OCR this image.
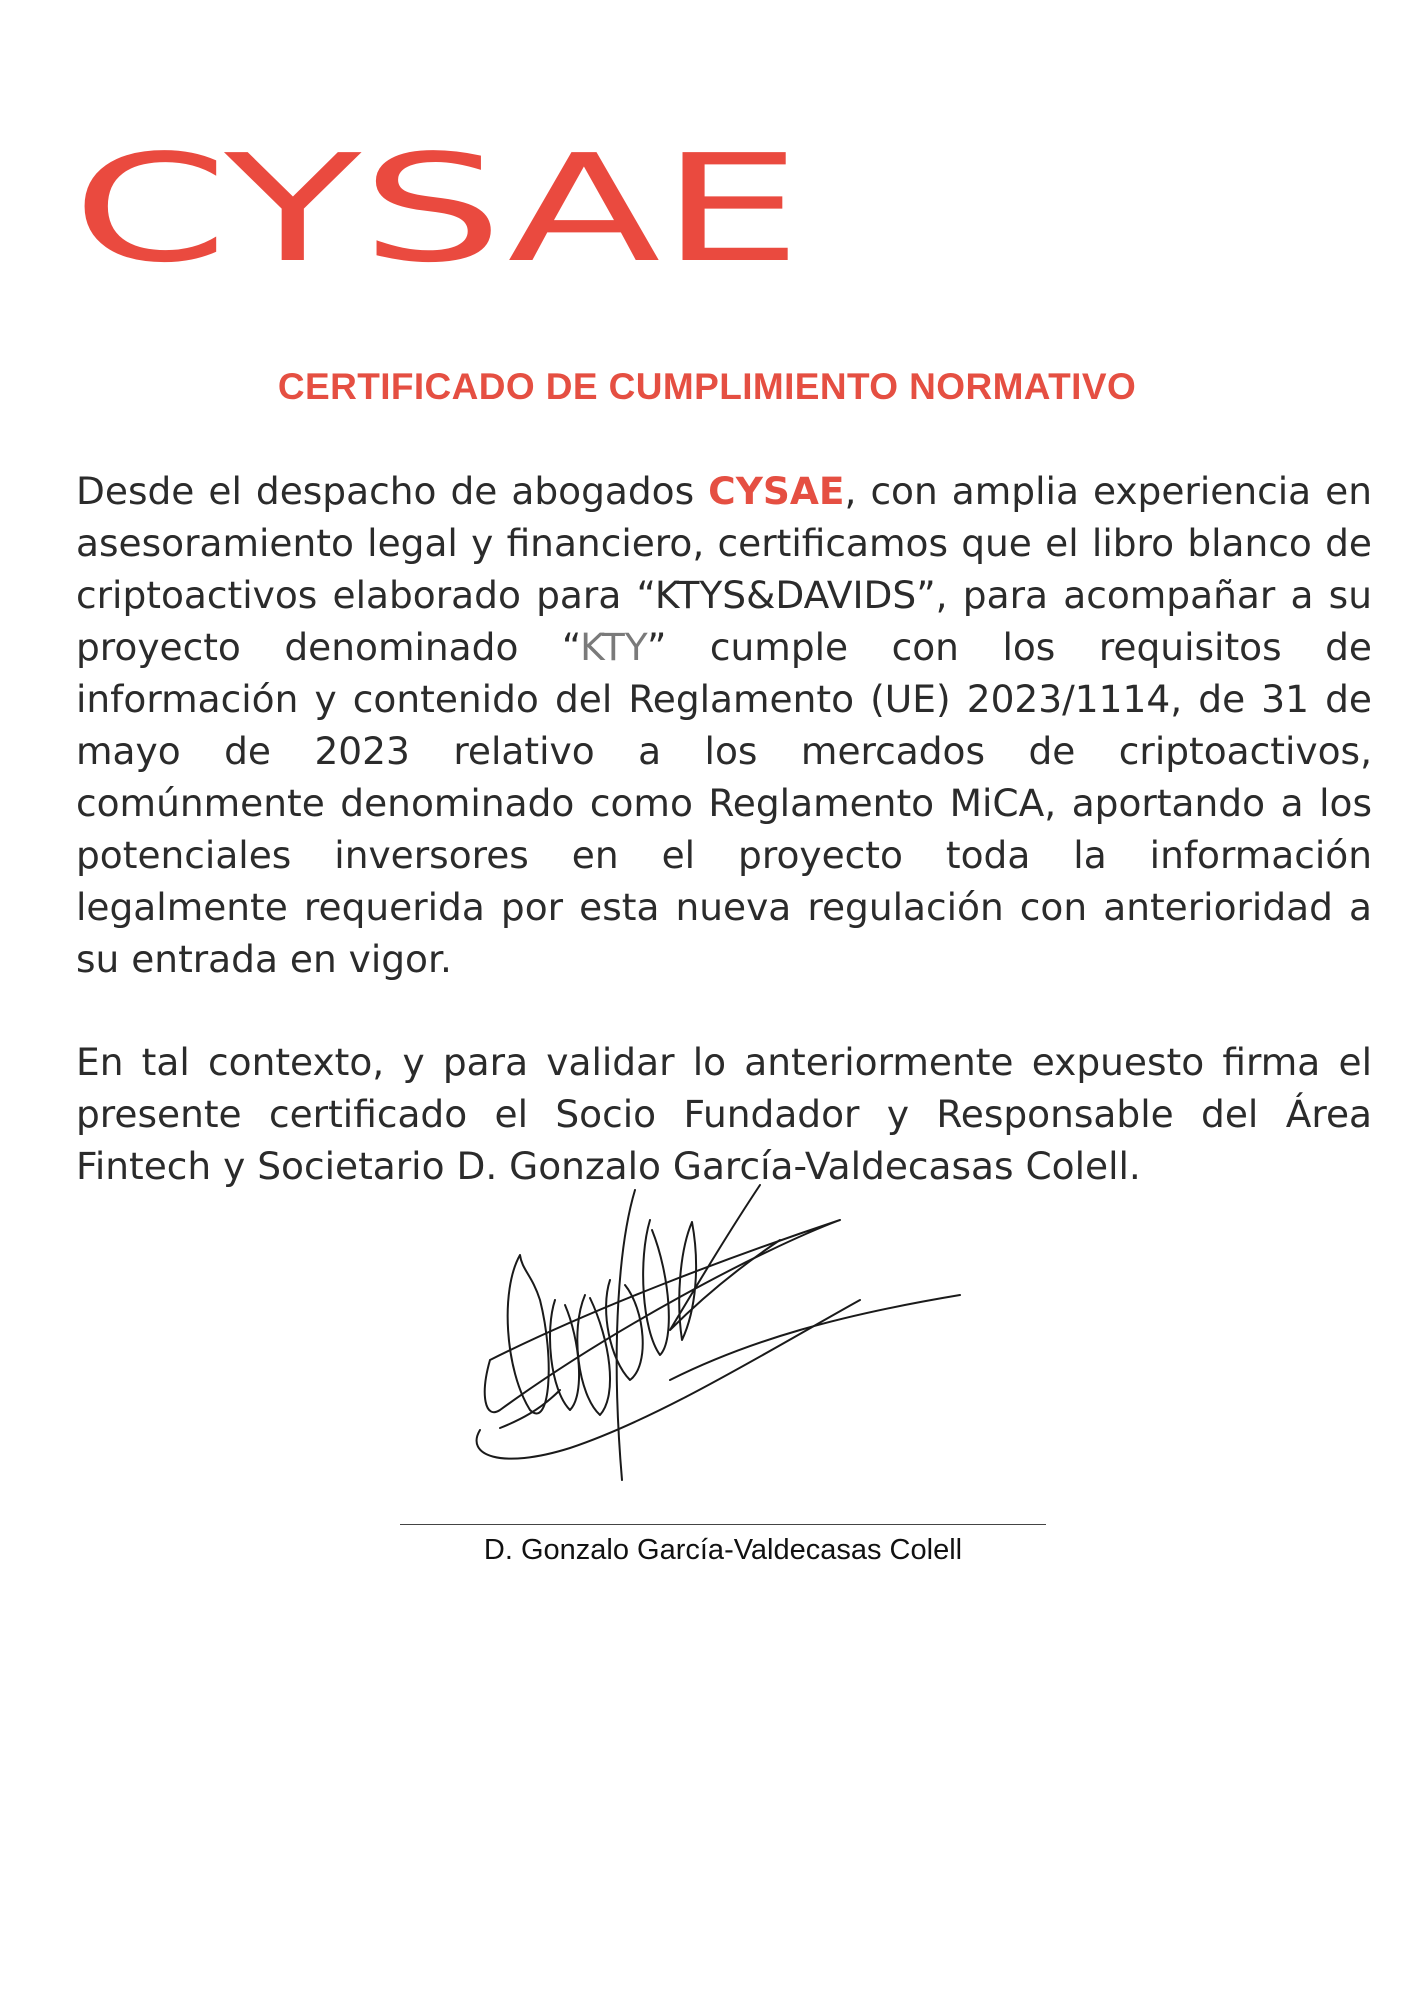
CYSAE
CERTIFICADO DE CUMPLIMIENTO NORMATIVO

Desde el despacho de abogados CYSAE, con amplia experiencia en asesoramiento legal y financiero, certificamos que el libro blanco de criptoactivos elaborado para “KTYS&DAVIDS”, para acompañar a su proyecto denominado “KTY” cumple con los requisitos de información y contenido del Reglamento (UE) 2023/1114, de 31 de mayo de 2023 relativo a los mercados de criptoactivos, comúnmente denominado como Reglamento MiCA, aportando a los potenciales inversores en el proyecto toda la información legalmente requerida por esta nueva regulación con anterioridad a su entrada en vigor.

En tal contexto, y para validar lo anteriormente expuesto firma el presente certificado el Socio Fundador y Responsable del Área Fintech y Societario D. Gonzalo García-Valdecasas Colell.

D. Gonzalo García-Valdecasas Colell
